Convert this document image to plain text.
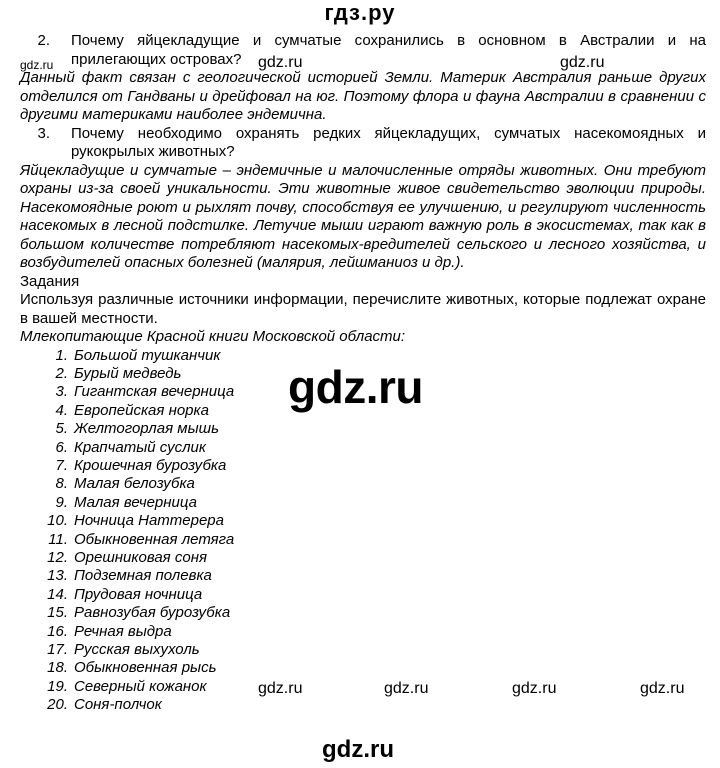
гдз.ру
2.	Почему яйцекладущие и сумчатые сохранились в основном в Австралии и на прилегающих островах?

Данный факт связан с геологической историей Земли. Материк Австралия раньше других отделился от Гандваны и дрейфовал на юг. Поэтому флора и фауна Австралии в сравнении с другими материками наиболее эндемична.

3.	Почему необходимо охранять редких яйцекладущих, сумчатых насекомоядных и рукокрылых животных?

Яйцекладущие и сумчатые – эндемичные и малочисленные отряды животных. Они требуют охраны из-за своей уникальности. Эти животные живое свидетельство эволюции природы. Насекомоядные роют и рыхлят почву, способствуя ее улучшению, и регулируют численность насекомых в лесной подстилке. Летучие мыши играют важную роль в экосистемах, так как в большом количестве потребляют насекомых-вредителей сельского и лесного хозяйства, и возбудителей опасных болезней (малярия, лейшманиоз и др.).

Задания

Используя различные источники информации, перечислите животных, которые подлежат охране в вашей местности.

Млекопитающие Красной книги Московской области:

1. Большой тушканчик
2. Бурый медведь
3. Гигантская вечерница
4. Европейская норка
5. Желтогорлая мышь
6. Крапчатый суслик
7. Крошечная бурозубка
8. Малая белозубка
9. Малая вечерница
10. Ночница Наттерера
11. Обыкновенная летяга
12. Орешниковая соня
13. Подземная полевка
14. Прудовая ночница
15. Равнозубая бурозубка
16. Речная выдра
17. Русская выхухоль
18. Обыкновенная рысь
19. Северный кожанок
20. Соня-полчок
gdz.ru	gdz.ru	gdz.ru
gdz.ru
gdz.ru	gdz.ru	gdz.ru	gdz.ru
gdz.ru
